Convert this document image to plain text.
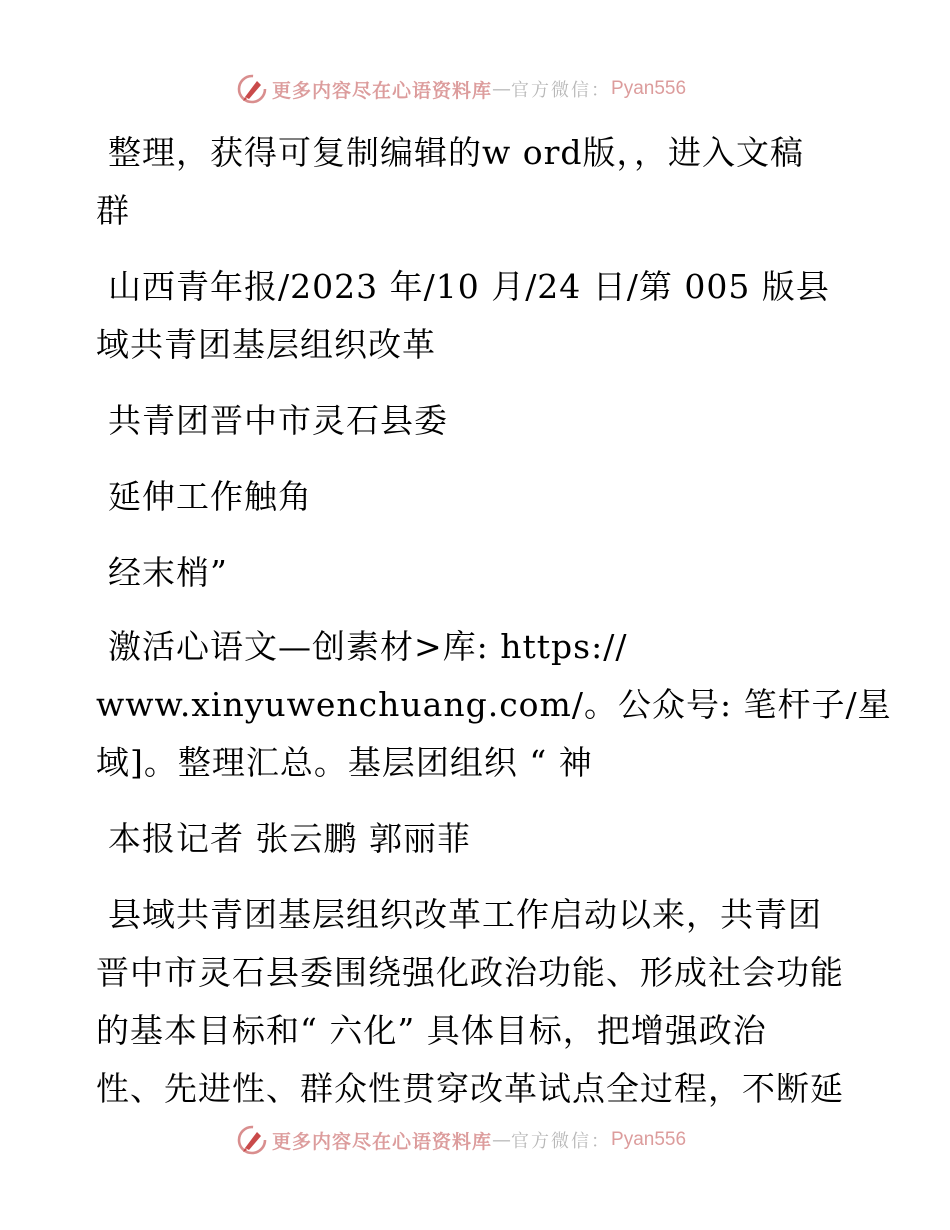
更多内容尽在心语资料库 — 官方微信： Pyan556

整理，获得可复制编辑的w ord版，，进入文稿

群

山西青年报/2023 年/10 月/24 日/第 005 版县

域共青团基层组织改革

共青团晋中市灵石县委

延伸工作触角

经末梢”

激活心语文—创素材>库: https://

www.xinyuwenchuang.com/。公众号: 笔杆子/星

域]。整理汇总。基层团组织 “ 神

本报记者 张云鹏 郭丽菲

县域共青团基层组织改革工作启动以来，共青团

晋中市灵石县委围绕强化政治功能、形成社会功能

的基本目标和“ 六化” 具体目标，把增强政治

性、先进性、群众性贯穿改革试点全过程，不断延

更多内容尽在心语资料库 — 官方微信： Pyan556
